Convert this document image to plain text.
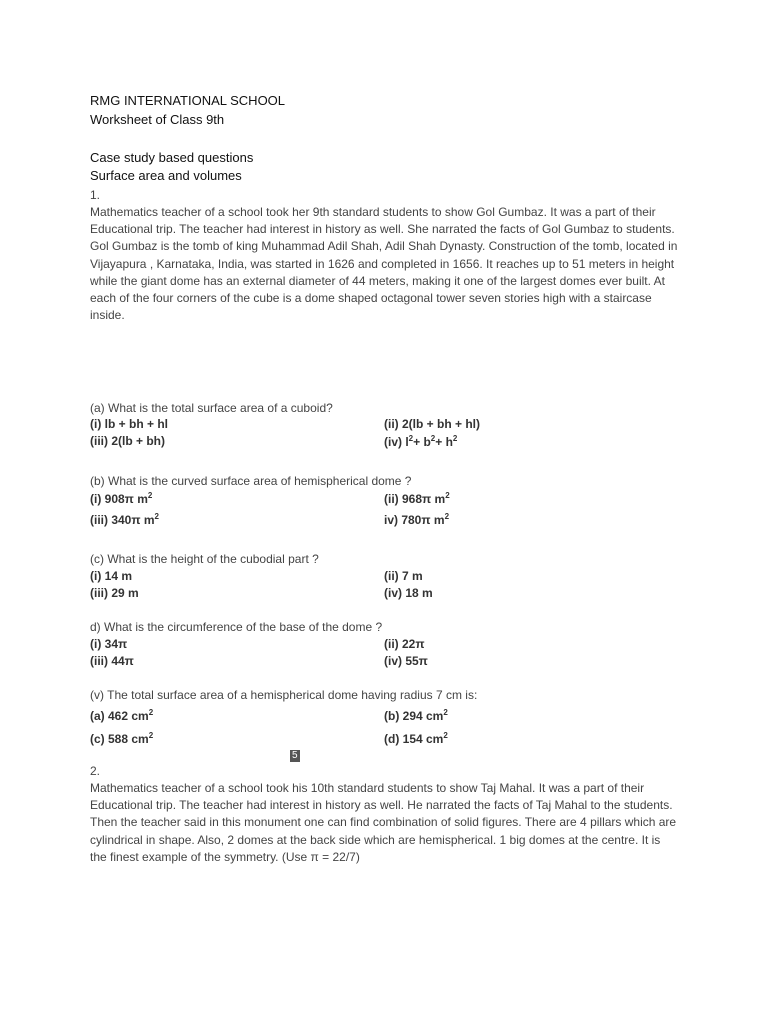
RMG INTERNATIONAL SCHOOL
Worksheet of Class 9th
Case study based questions
Surface area and volumes
1.

Mathematics teacher of a school took her 9th standard students to show Gol Gumbaz. It was a part of their Educational trip. The teacher had interest in history as well. She narrated the facts of Gol Gumbaz to students. Gol Gumbaz is the tomb of king Muhammad Adil Shah, Adil Shah Dynasty. Construction of the tomb, located in Vijayapura , Karnataka, India, was started in 1626 and completed in 1656. It reaches up to 51 meters in height while the giant dome has an external diameter of 44 meters, making it one of the largest domes ever built. At each of the four corners of the cube is a dome shaped octagonal tower seven stories high with a staircase inside.

(a) What is the total surface area of a cuboid?
(i) lb + bh + hl	(ii) 2(lb + bh + hl)
(iii) 2(lb + bh)	(iv) $l^2+ b^2+ h^2$
(b) What is the curved surface area of hemispherical dome ?
(i) 908π $m^2$	(ii) 968π $m^2$
(iii) 340π $m^2$	iv) 780π $m^2$
(c) What is the height of the cubodial part ?
(i) 14 m	(ii) 7 m
(iii) 29 m	(iv) 18 m
d) What is the circumference of the base of the dome ?
(i) 34π	(ii) 22π
(iii) 44π	(iv) 55π
(v) The total surface area of a hemispherical dome having radius 7 cm is:
(a) 462 $cm^2$	(b) 294 $cm^2$
(c) 588 $cm^2$	(d) 154 $cm^2$
2.

Mathematics teacher of a school took his 10th standard students to show Taj Mahal. It was a part of their Educational trip. The teacher had interest in history as well. He narrated the facts of Taj Mahal to the students. Then the teacher said in this monument one can find combination of solid figures. There are 4 pillars which are cylindrical in shape. Also, 2 domes at the back side which are hemispherical. 1 big domes at the centre. It is the finest example of the symmetry. (Use π = 22/7)

5
